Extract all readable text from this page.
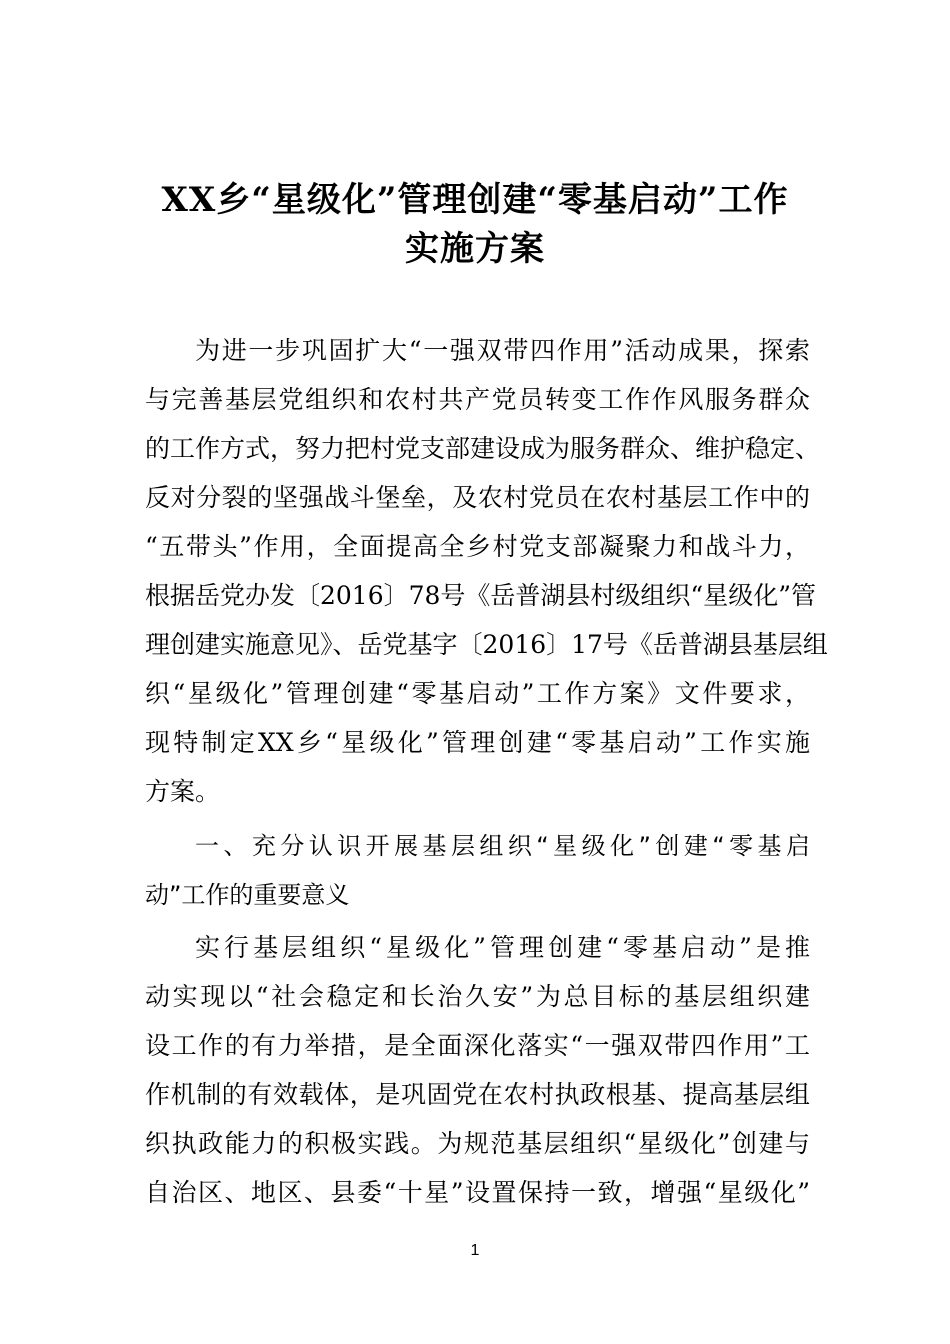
XX乡“星级化”管理创建“零基启动”工作
实施方案
为进一步巩固扩大“一强双带四作用”活动成果，探索
与完善基层党组织和农村共产党员转变工作作风服务群众
的工作方式，努力把村党支部建设成为服务群众、维护稳定、
反对分裂的坚强战斗堡垒，及农村党员在农村基层工作中的
“五带头”作用，全面提高全乡村党支部凝聚力和战斗力，
根据岳党办发〔2016〕78号《岳普湖县村级组织“星级化”管
理创建实施意见》、岳党基字〔2016〕17号《岳普湖县基层组
织“星级化”管理创建“零基启动”工作方案》文件要求，
现特制定XX乡“星级化”管理创建“零基启动”工作实施
方案。
一、充分认识开展基层组织“星级化”创建“零基启
动”工作的重要意义
实行基层组织“星级化”管理创建“零基启动”是推
动实现以“社会稳定和长治久安”为总目标的基层组织建
设工作的有力举措，是全面深化落实“一强双带四作用”工
作机制的有效载体，是巩固党在农村执政根基、提高基层组
织执政能力的积极实践。为规范基层组织“星级化”创建与
自治区、地区、县委“十星”设置保持一致，增强“星级化”
1
